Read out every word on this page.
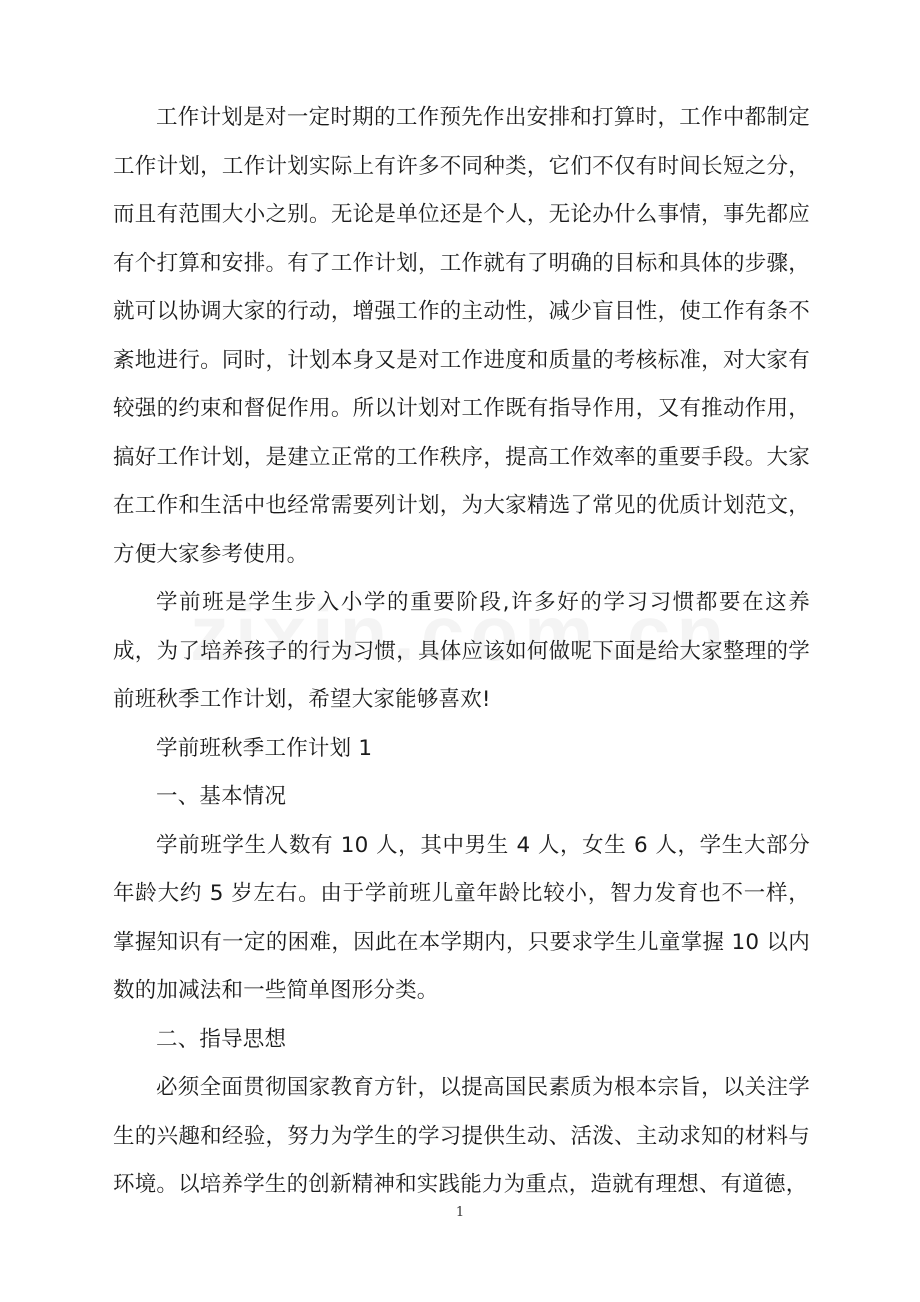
工作计划是对一定时期的工作预先作出安排和打算时，工作中都制定工作计划，工作计划实际上有许多不同种类，它们不仅有时间长短之分，而且有范围大小之别。无论是单位还是个人，无论办什么事情，事先都应有个打算和安排。有了工作计划，工作就有了明确的目标和具体的步骤，就可以协调大家的行动，增强工作的主动性，减少盲目性，使工作有条不紊地进行。同时，计划本身又是对工作进度和质量的考核标准，对大家有较强的约束和督促作用。所以计划对工作既有指导作用，又有推动作用，搞好工作计划，是建立正常的工作秩序，提高工作效率的重要手段。大家在工作和生活中也经常需要列计划，为大家精选了常见的优质计划范文，方便大家参考使用。

学前班是学生步入小学的重要阶段,许多好的学习习惯都要在这养成，为了培养孩子的行为习惯，具体应该如何做呢下面是给大家整理的学前班秋季工作计划，希望大家能够喜欢!

学前班秋季工作计划 1

一、基本情况

学前班学生人数有 10 人，其中男生 4 人，女生 6 人，学生大部分年龄大约 5 岁左右。由于学前班儿童年龄比较小，智力发育也不一样，掌握知识有一定的困难，因此在本学期内，只要求学生儿童掌握 10 以内数的加减法和一些简单图形分类。

二、指导思想

必须全面贯彻国家教育方针，以提高国民素质为根本宗旨，以关注学生的兴趣和经验，努力为学生的学习提供生动、活泼、主动求知的材料与环境。以培养学生的创新精神和实践能力为重点，造就有理想、有道德，

1
